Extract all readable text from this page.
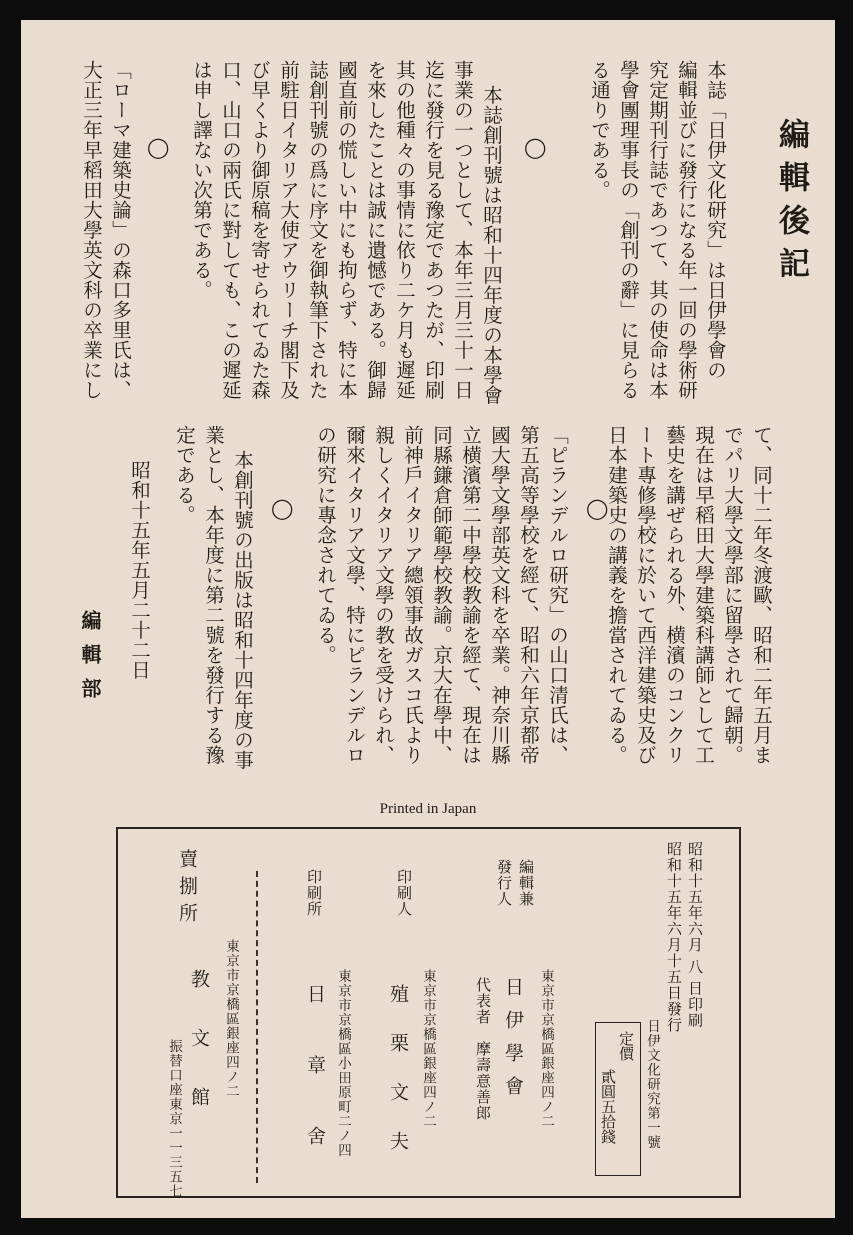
編輯後記

本誌「日伊文化研究」は日伊學會の

編輯並びに發行になる年一回の學術研

究定期刊行誌であつて、其の使命は本

學會團理事長の「創刊の辭」に見らる

る通りである。

◯

本誌創刊號は昭和十四年度の本學會

事業の一つとして、本年三月三十一日

迄に發行を見る豫定であつたが、印刷

其の他種々の事情に依り二ケ月も遲延

を來したことは誠に遺憾である。御歸

國直前の慌しい中にも拘らず、特に本

誌創刊號の爲に序文を御執筆下された

前駐日イタリア大使アウリーチ閣下及

び早くより御原稿を寄せられてゐた森

口、山口の兩氏に對しても、この遲延

は申し譯ない次第である。

◯

「ローマ建築史論」の森口多里氏は、

大正三年早稻田大學英文科の卒業にし

て、同十二年冬渡歐、昭和二年五月ま

でパリ大學文學部に留學されて歸朝。

現在は早稻田大學建築科講師として工

藝史を講ぜられる外、横濱のコンクリ

ート專修學校に於いて西洋建築史及び

日本建築史の講義を擔當されてゐる。

◯

「ピランデルロ研究」の山口清氏は、

第五高等學校を經て、昭和六年京都帝

國大學文學部英文科を卒業。神奈川縣

立横濱第二中學校教諭を經て、現在は

同縣鎌倉師範學校教諭。京大在學中、

前神戶イタリア總領事故ガスコ氏より

親しくイタリア文學の教を受けられ、

爾來イタリア文學、特にピランデルロ

の研究に專念されてゐる。

◯

本創刊號の出版は昭和十四年度の事

業とし、本年度に第二號を發行する豫

定である。

昭和十五年五月二十二日

編輯部
Printed in Japan

昭和十五年六月 八 日印刷

昭和十五年六月十五日發行

日伊文化研究第一號

定價
貳圓五拾錢

編輯兼

發行人

東京市京橋區銀座四ノ二

日伊學會

代表者

摩壽意善郎

印刷人

東京市京橋區銀座四ノ二

殖栗文夫

印刷所

東京市京橋區小田原町二ノ四

日章舍

賣捌所

東京市京橋區銀座四ノ二

教文館

振替口座東京一一三五七
